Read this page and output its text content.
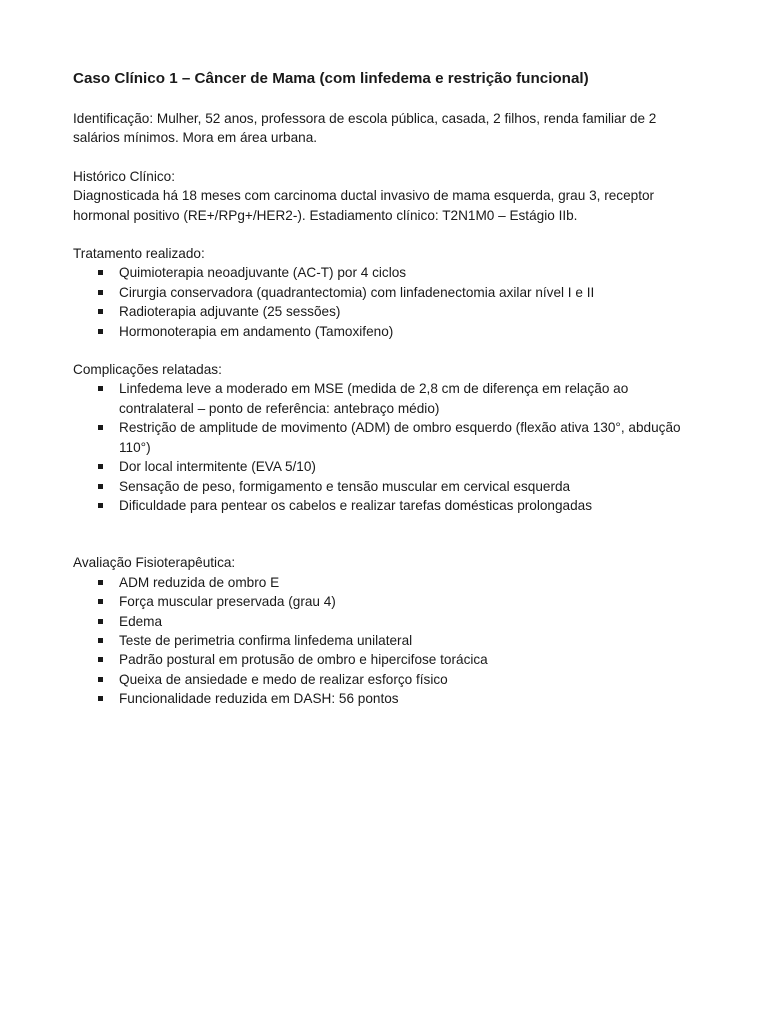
Caso Clínico 1 – Câncer de Mama (com linfedema e restrição funcional)
Identificação: Mulher, 52 anos, professora de escola pública, casada, 2 filhos, renda familiar de 2 salários mínimos. Mora em área urbana.
Histórico Clínico:
Diagnosticada há 18 meses com carcinoma ductal invasivo de mama esquerda, grau 3, receptor hormonal positivo (RE+/RPg+/HER2-). Estadiamento clínico: T2N1M0 – Estágio IIb.
Tratamento realizado:
Quimioterapia neoadjuvante (AC-T) por 4 ciclos
Cirurgia conservadora (quadrantectomia) com linfadenectomia axilar nível I e II
Radioterapia adjuvante (25 sessões)
Hormonoterapia em andamento (Tamoxifeno)
Complicações relatadas:
Linfedema leve a moderado em MSE (medida de 2,8 cm de diferença em relação ao contralateral – ponto de referência: antebraço médio)
Restrição de amplitude de movimento (ADM) de ombro esquerdo (flexão ativa 130°, abdução 110°)
Dor local intermitente (EVA 5/10)
Sensação de peso, formigamento e tensão muscular em cervical esquerda
Dificuldade para pentear os cabelos e realizar tarefas domésticas prolongadas
Avaliação Fisioterapêutica:
ADM reduzida de ombro E
Força muscular preservada (grau 4)
Edema
Teste de perimetria confirma linfedema unilateral
Padrão postural em protusão de ombro e hipercifose torácica
Queixa de ansiedade e medo de realizar esforço físico
Funcionalidade reduzida em DASH: 56 pontos
